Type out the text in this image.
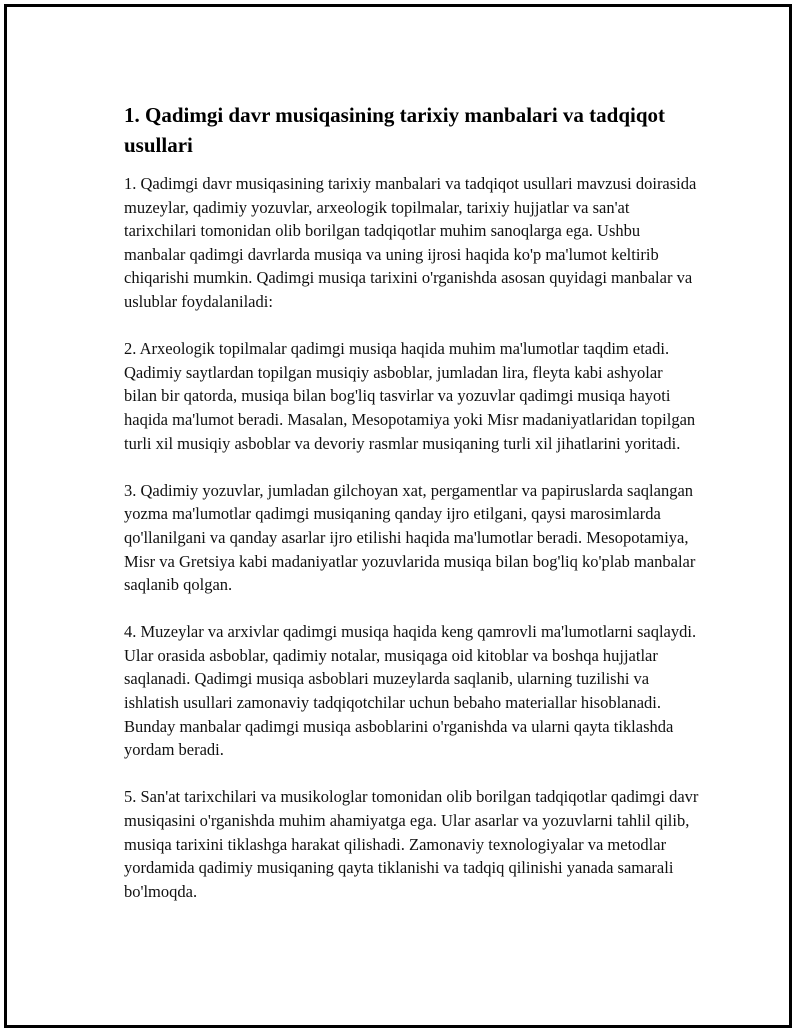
1. Qadimgi davr musiqasining tarixiy manbalari va tadqiqot usullari

1. Qadimgi davr musiqasining tarixiy manbalari va tadqiqot usullari mavzusi doirasida muzeylar, qadimiy yozuvlar, arxeologik topilmalar, tarixiy hujjatlar va san'at tarixchilari tomonidan olib borilgan tadqiqotlar muhim sanoqlarga ega. Ushbu manbalar qadimgi davrlarda musiqa va uning ijrosi haqida ko'p ma'lumot keltirib chiqarishi mumkin. Qadimgi musiqa tarixini o'rganishda asosan quyidagi manbalar va uslublar foydalaniladi:

2. Arxeologik topilmalar qadimgi musiqa haqida muhim ma'lumotlar taqdim etadi. Qadimiy saytlardan topilgan musiqiy asboblar, jumladan lira, fleyta kabi ashyolar bilan bir qatorda, musiqa bilan bog'liq tasvirlar va yozuvlar qadimgi musiqa hayoti haqida ma'lumot beradi. Masalan, Mesopotamiya yoki Misr madaniyatlaridan topilgan turli xil musiqiy asboblar va devoriy rasmlar musiqaning turli xil jihatlarini yoritadi.

3. Qadimiy yozuvlar, jumladan gilchoyan xat, pergamentlar va papiruslarda saqlangan yozma ma'lumotlar qadimgi musiqaning qanday ijro etilgani, qaysi marosimlarda qo'llanilgani va qanday asarlar ijro etilishi haqida ma'lumotlar beradi. Mesopotamiya, Misr va Gretsiya kabi madaniyatlar yozuvlarida musiqa bilan bog'liq ko'plab manbalar saqlanib qolgan.

4. Muzeylar va arxivlar qadimgi musiqa haqida keng qamrovli ma'lumotlarni saqlaydi. Ular orasida asboblar, qadimiy notalar, musiqaga oid kitoblar va boshqa hujjatlar saqlanadi. Qadimgi musiqa asboblari muzeylarda saqlanib, ularning tuzilishi va ishlatish usullari zamonaviy tadqiqotchilar uchun bebaho materiallar hisoblanadi. Bunday manbalar qadimgi musiqa asboblarini o'rganishda va ularni qayta tiklashda yordam beradi.

5. San'at tarixchilari va musikologlar tomonidan olib borilgan tadqiqotlar qadimgi davr musiqasini o'rganishda muhim ahamiyatga ega. Ular asarlar va yozuvlarni tahlil qilib, musiqa tarixini tiklashga harakat qilishadi. Zamonaviy texnologiyalar va metodlar yordamida qadimiy musiqaning qayta tiklanishi va tadqiq qilinishi yanada samarali bo'lmoqda.
